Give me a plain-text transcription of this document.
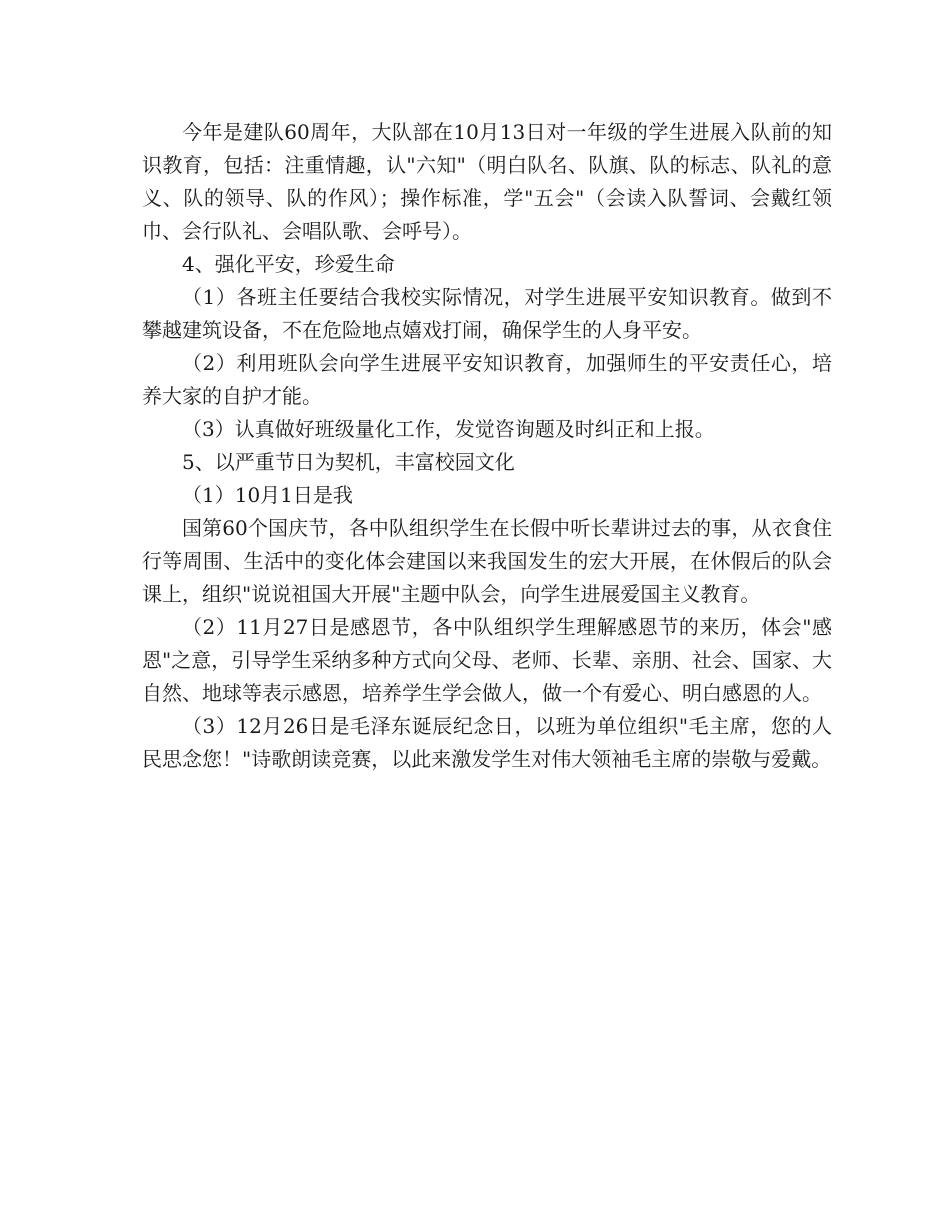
今年是建队60周年，大队部在10月13日对一年级的学生进展入队前的知识教育，包括：注重情趣，认"六知"（明白队名、队旗、队的标志、队礼的意义、队的领导、队的作风）；操作标准，学"五会"（会读入队誓词、会戴红领巾、会行队礼、会唱队歌、会呼号）。

4、强化平安，珍爱生命

（1）各班主任要结合我校实际情况，对学生进展平安知识教育。做到不攀越建筑设备，不在危险地点嬉戏打闹，确保学生的人身平安。

（2）利用班队会向学生进展平安知识教育，加强师生的平安责任心，培养大家的自护才能。

（3）认真做好班级量化工作，发觉咨询题及时纠正和上报。

5、以严重节日为契机，丰富校园文化

（1）10月1日是我

国第60个国庆节，各中队组织学生在长假中听长辈讲过去的事，从衣食住行等周围、生活中的变化体会建国以来我国发生的宏大开展，在休假后的队会课上，组织"说说祖国大开展"主题中队会，向学生进展爱国主义教育。

（2）11月27日是感恩节，各中队组织学生理解感恩节的来历，体会"感恩"之意，引导学生采纳多种方式向父母、老师、长辈、亲朋、社会、国家、大自然、地球等表示感恩，培养学生学会做人，做一个有爱心、明白感恩的人。

（3）12月26日是毛泽东诞辰纪念日，以班为单位组织"毛主席，您的人民思念您！"诗歌朗读竞赛，以此来激发学生对伟大领袖毛主席的崇敬与爱戴。
